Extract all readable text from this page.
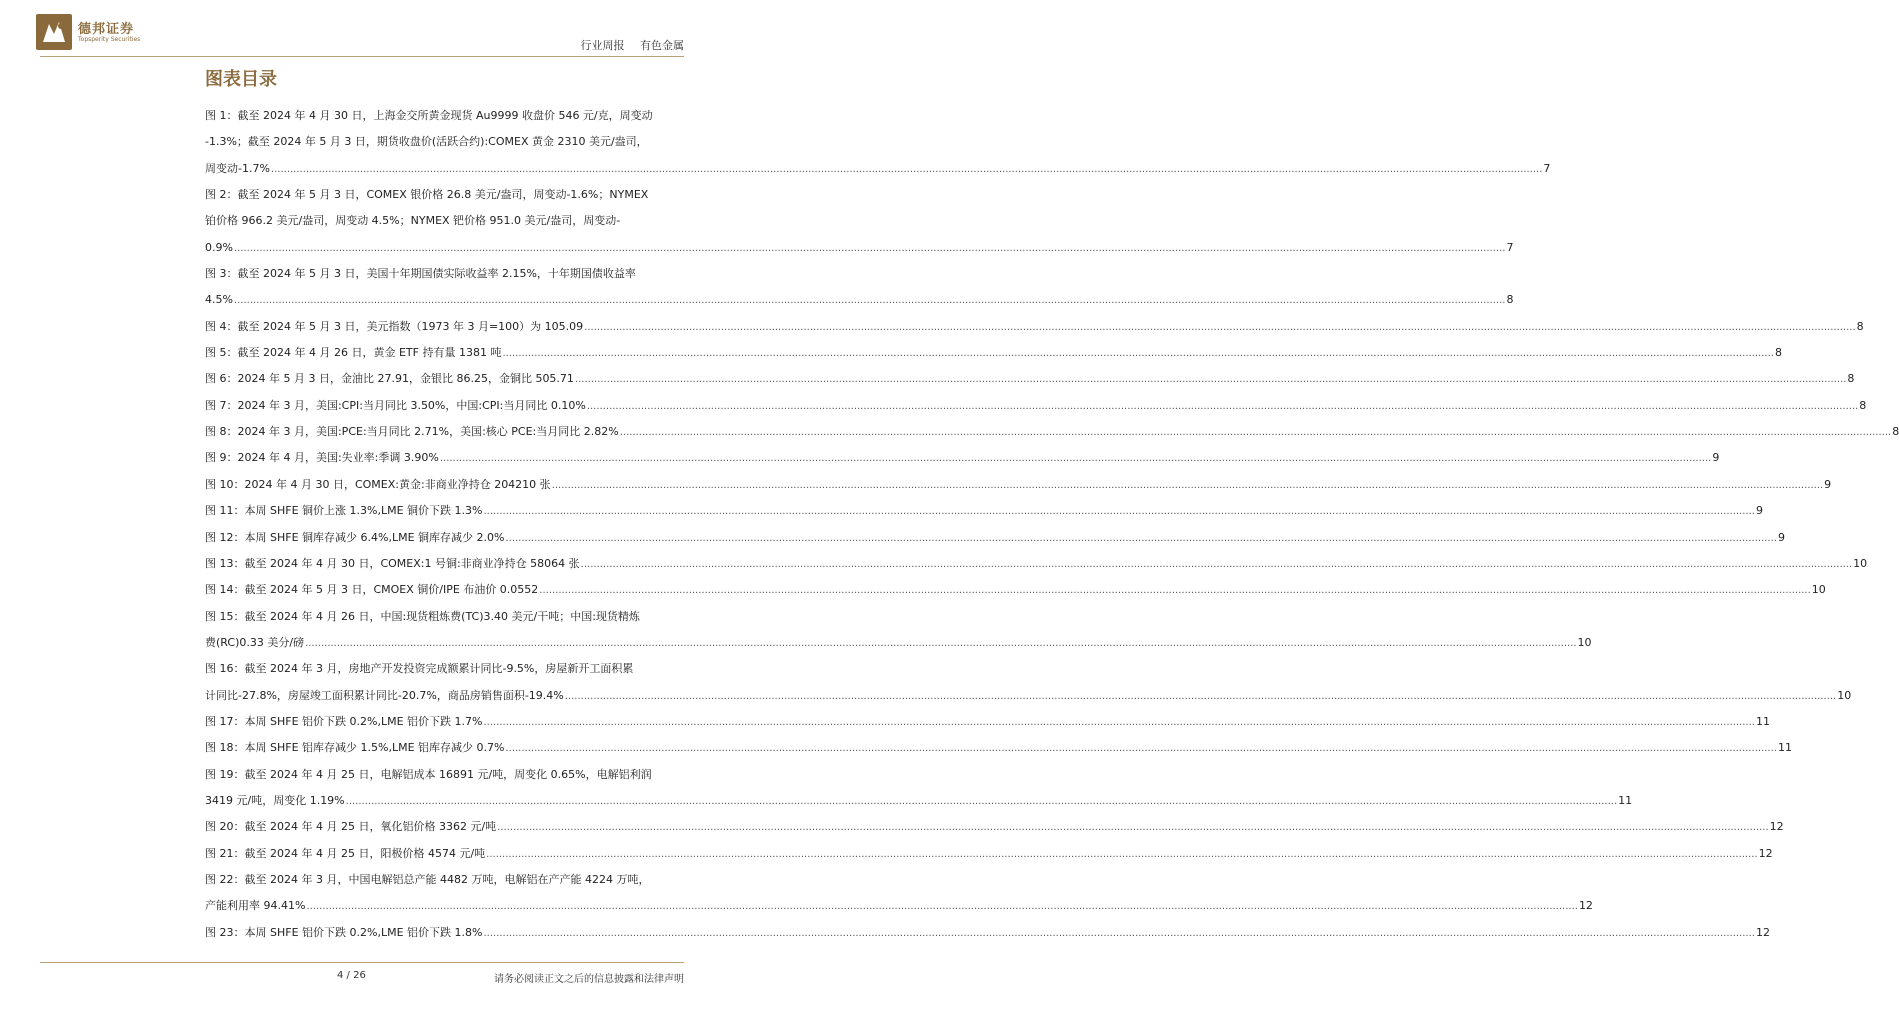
德邦证券
Topsperity Securities	行业周报 有色金属
图表目录
图 1：截至 2024 年 4 月 30 日，上海金交所黄金现货 Au9999 收盘价 546 元/克，周变动
-1.3%；截至 2024 年 5 月 3 日，期货收盘价(活跃合约):COMEX 黄金 2310 美元/盎司，
周变动-1.7% ................................................................................................................................................................................................................................................................................................................................................................................................................ 7
图 2：截至 2024 年 5 月 3 日，COMEX 银价格 26.8 美元/盎司，周变动-1.6%；NYMEX
铂价格 966.2 美元/盎司，周变动 4.5%；NYMEX 钯价格 951.0 美元/盎司，周变动-
0.9% ................................................................................................................................................................................................................................................................................................................................................................................................................ 7
图 3：截至 2024 年 5 月 3 日，美国十年期国债实际收益率 2.15%，十年期国债收益率
4.5% ................................................................................................................................................................................................................................................................................................................................................................................................................ 8
图 4：截至 2024 年 5 月 3 日，美元指数（1973 年 3 月=100）为 105.09 ................................................................................................................................................................................................................................................................................................................................................................................................................ 8
图 5：截至 2024 年 4 月 26 日，黄金 ETF 持有量 1381 吨 ................................................................................................................................................................................................................................................................................................................................................................................................................ 8
图 6：2024 年 5 月 3 日，金油比 27.91，金银比 86.25，金铜比 505.71 ................................................................................................................................................................................................................................................................................................................................................................................................................ 8
图 7：2024 年 3 月，美国:CPI:当月同比 3.50%，中国:CPI:当月同比 0.10% ................................................................................................................................................................................................................................................................................................................................................................................................................ 8
图 8：2024 年 3 月，美国:PCE:当月同比 2.71%，美国:核心 PCE:当月同比 2.82% ................................................................................................................................................................................................................................................................................................................................................................................................................ 8
图 9：2024 年 4 月，美国:失业率:季调 3.90% ................................................................................................................................................................................................................................................................................................................................................................................................................ 9
图 10：2024 年 4 月 30 日，COMEX:黄金:非商业净持仓 204210 张 ................................................................................................................................................................................................................................................................................................................................................................................................................ 9
图 11：本周 SHFE 铜价上涨 1.3%,LME 铜价下跌 1.3% ................................................................................................................................................................................................................................................................................................................................................................................................................ 9
图 12：本周 SHFE 铜库存减少 6.4%,LME 铜库存减少 2.0% ................................................................................................................................................................................................................................................................................................................................................................................................................ 9
图 13：截至 2024 年 4 月 30 日，COMEX:1 号铜:非商业净持仓 58064 张 ................................................................................................................................................................................................................................................................................................................................................................................................................ 10
图 14：截至 2024 年 5 月 3 日，CMOEX 铜价/IPE 布油价 0.0552 ................................................................................................................................................................................................................................................................................................................................................................................................................ 10
图 15：截至 2024 年 4 月 26 日，中国:现货粗炼费(TC)3.40 美元/干吨；中国:现货精炼
费(RC)0.33 美分/磅 ................................................................................................................................................................................................................................................................................................................................................................................................................ 10
图 16：截至 2024 年 3 月，房地产开发投资完成额累计同比-9.5%，房屋新开工面积累
计同比-27.8%，房屋竣工面积累计同比-20.7%，商品房销售面积-19.4% ................................................................................................................................................................................................................................................................................................................................................................................................................ 10
图 17：本周 SHFE 铝价下跌 0.2%,LME 铝价下跌 1.7% ................................................................................................................................................................................................................................................................................................................................................................................................................ 11
图 18：本周 SHFE 铝库存减少 1.5%,LME 铝库存减少 0.7% ................................................................................................................................................................................................................................................................................................................................................................................................................ 11
图 19：截至 2024 年 4 月 25 日，电解铝成本 16891 元/吨，周变化 0.65%，电解铝利润
3419 元/吨，周变化 1.19% ................................................................................................................................................................................................................................................................................................................................................................................................................ 11
图 20：截至 2024 年 4 月 25 日，氧化铝价格 3362 元/吨 ................................................................................................................................................................................................................................................................................................................................................................................................................ 12
图 21：截至 2024 年 4 月 25 日，阳极价格 4574 元/吨 ................................................................................................................................................................................................................................................................................................................................................................................................................ 12
图 22：截至 2024 年 3 月，中国电解铝总产能 4482 万吨，电解铝在产产能 4224 万吨，
产能利用率 94.41% ................................................................................................................................................................................................................................................................................................................................................................................................................ 12
图 23：本周 SHFE 铝价下跌 0.2%,LME 铝价下跌 1.8% ................................................................................................................................................................................................................................................................................................................................................................................................................ 12
4 / 26	请务必阅读正文之后的信息披露和法律声明
